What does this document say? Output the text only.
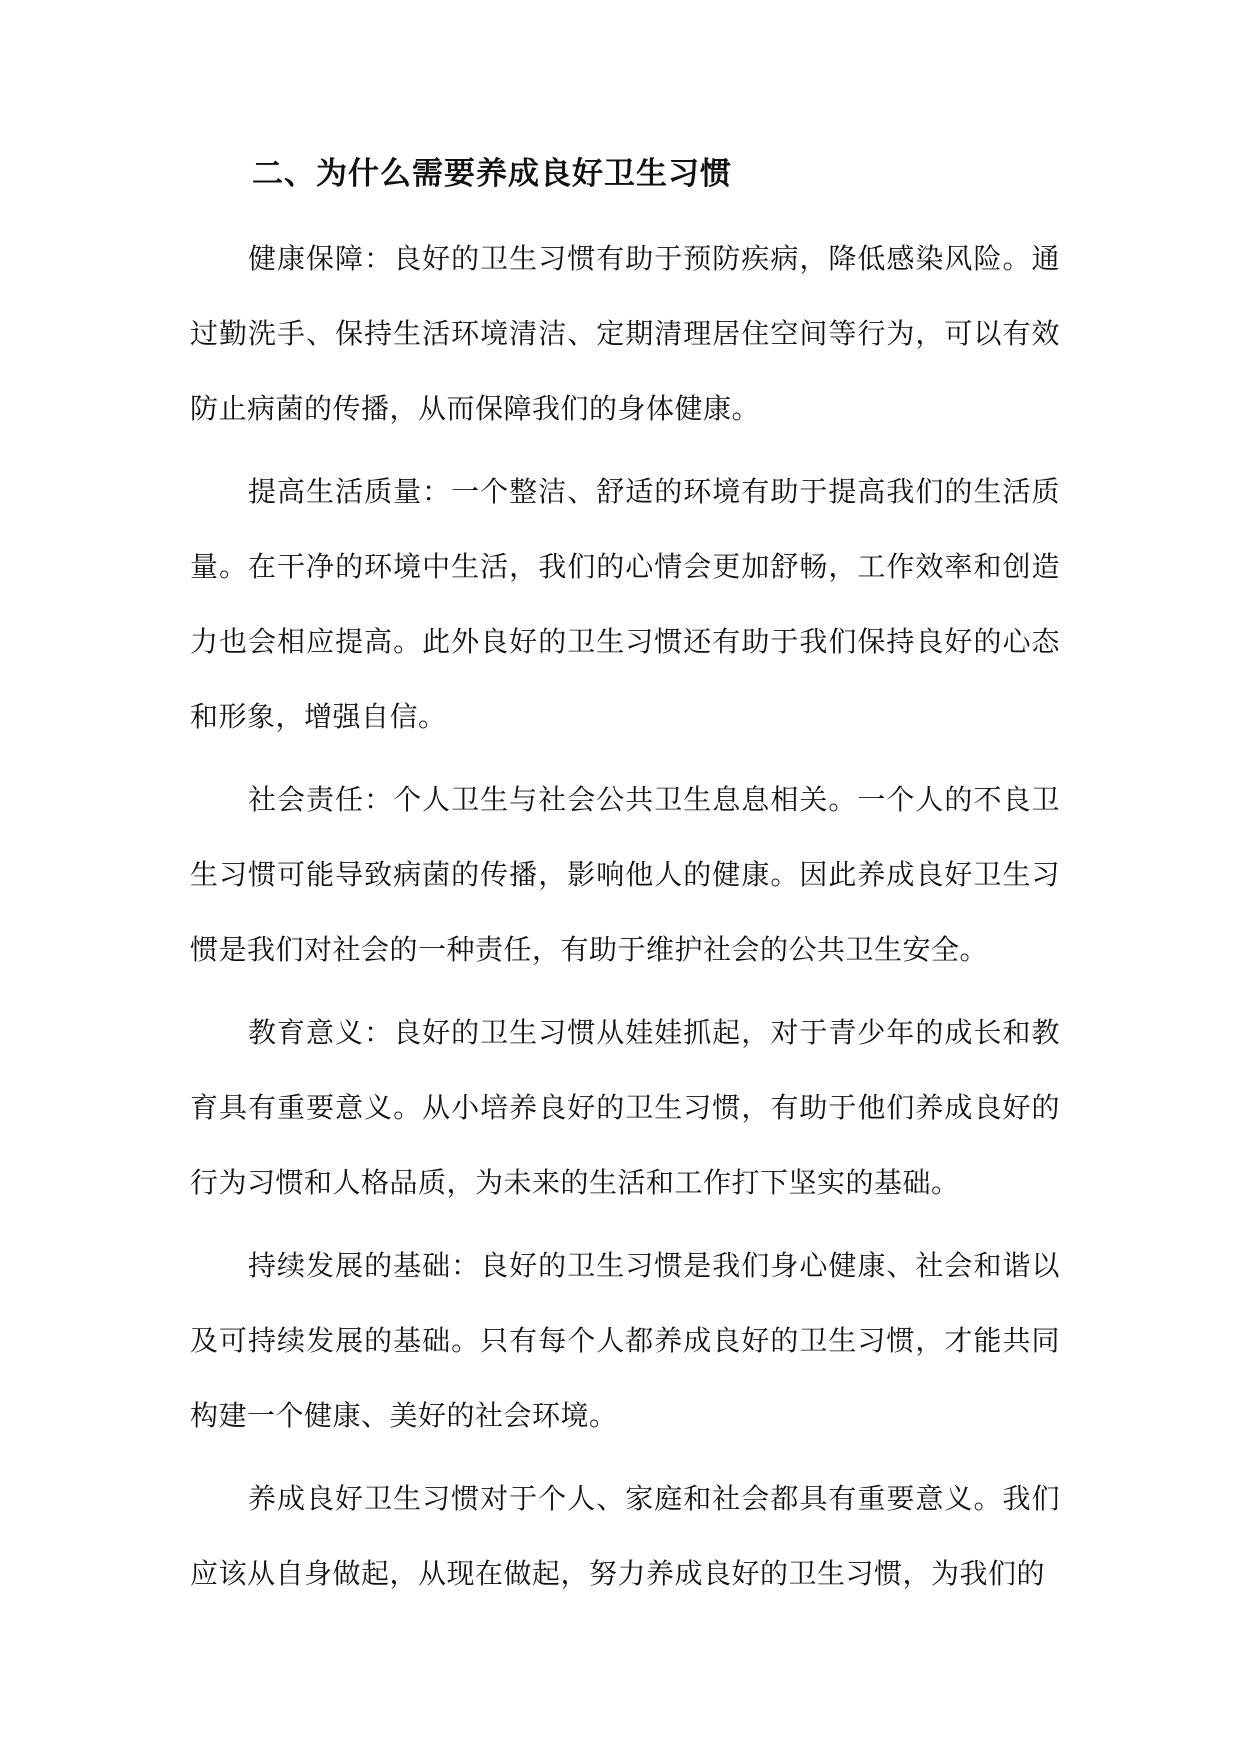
二、为什么需要养成良好卫生习惯

健康保障：良好的卫生习惯有助于预防疾病，降低感染风险。通过勤洗手、保持生活环境清洁、定期清理居住空间等行为，可以有效防止病菌的传播，从而保障我们的身体健康。

提高生活质量：一个整洁、舒适的环境有助于提高我们的生活质量。在干净的环境中生活，我们的心情会更加舒畅，工作效率和创造力也会相应提高。此外良好的卫生习惯还有助于我们保持良好的心态和形象，增强自信。

社会责任：个人卫生与社会公共卫生息息相关。一个人的不良卫生习惯可能导致病菌的传播，影响他人的健康。因此养成良好卫生习惯是我们对社会的一种责任，有助于维护社会的公共卫生安全。

教育意义：良好的卫生习惯从娃娃抓起，对于青少年的成长和教育具有重要意义。从小培养良好的卫生习惯，有助于他们养成良好的行为习惯和人格品质，为未来的生活和工作打下坚实的基础。

持续发展的基础：良好的卫生习惯是我们身心健康、社会和谐以及可持续发展的基础。只有每个人都养成良好的卫生习惯，才能共同构建一个健康、美好的社会环境。

养成良好卫生习惯对于个人、家庭和社会都具有重要意义。我们应该从自身做起，从现在做起，努力养成良好的卫生习惯，为我们的
